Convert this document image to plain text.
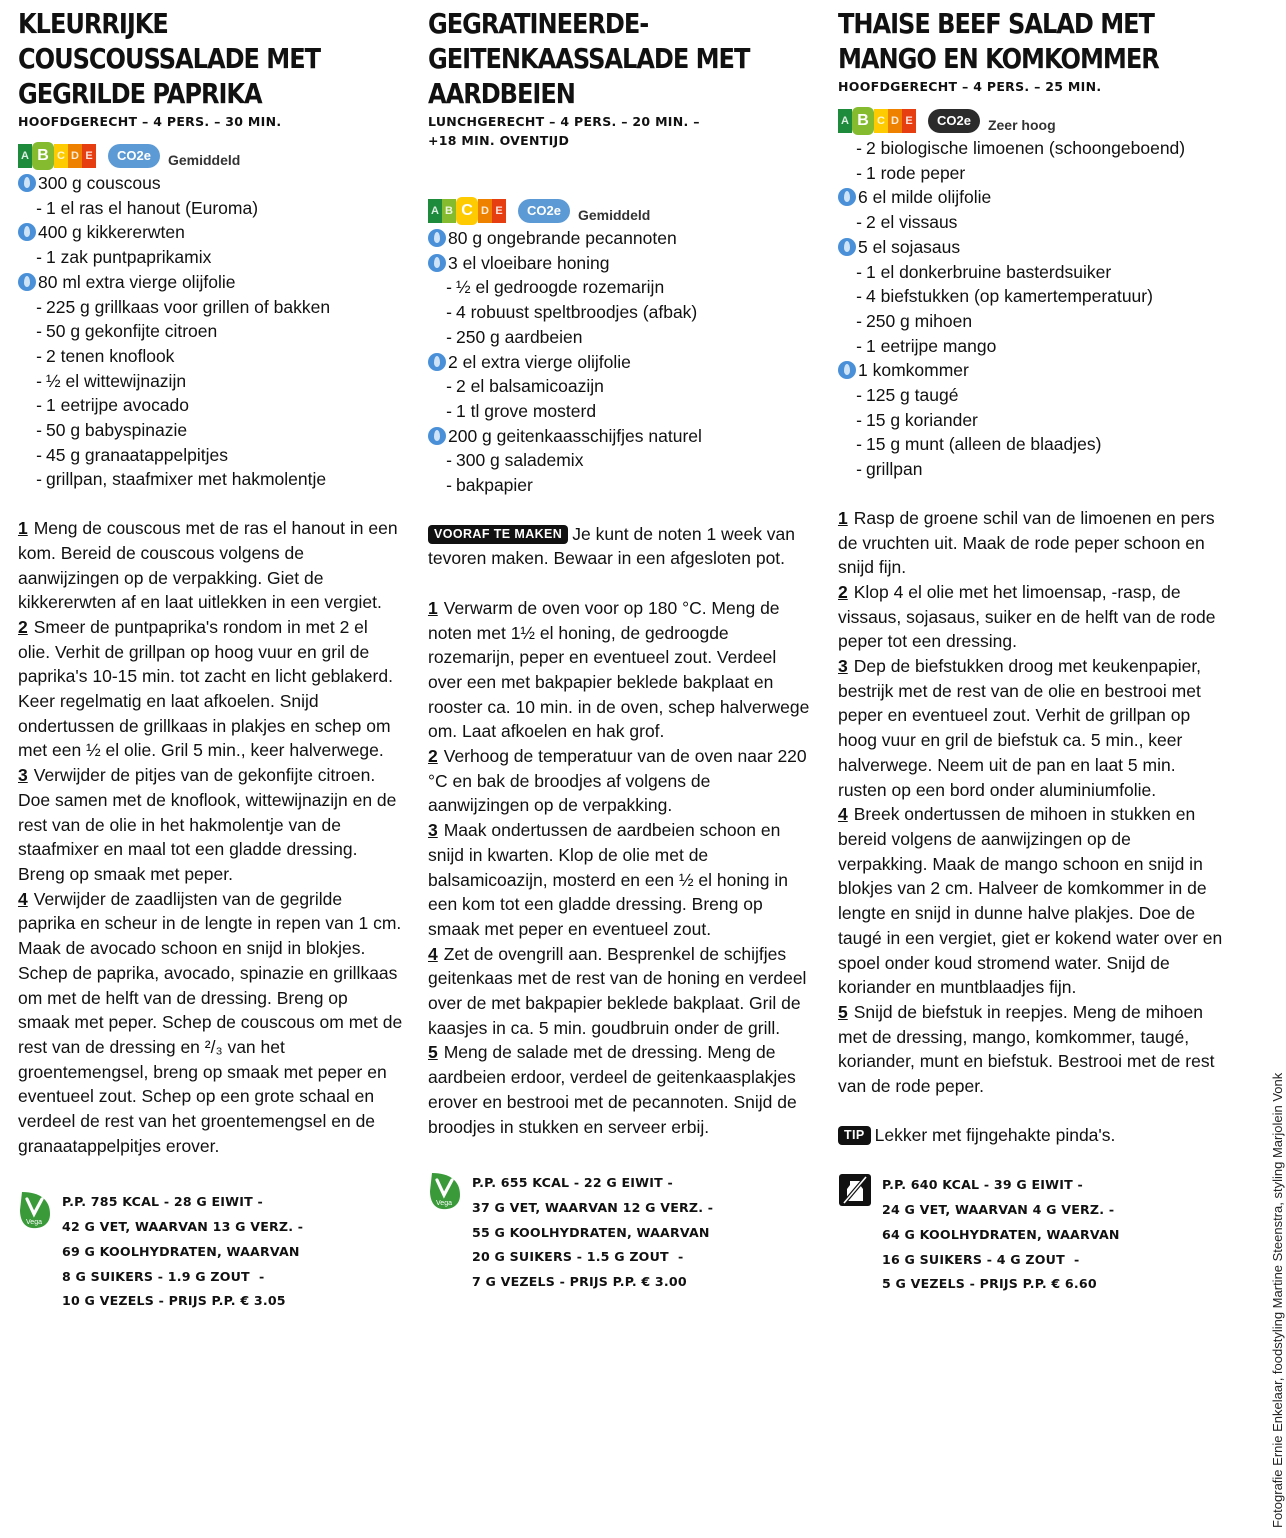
KLEURRIJKE COUSCOUSSALADE MET GEGRILDE PAPRIKA
HOOFDGERECHT – 4 PERS. – 30 MIN.
A B C D E	CO2e	Gemiddeld
300 g couscous
- 1 el ras el hanout (Euroma)
400 g kikkererwten
- 1 zak puntpaprikamix
80 ml extra vierge olijfolie
- 225 g grillkaas voor grillen of bakken
- 50 g gekonfijte citroen
- 2 tenen knoflook
- ½ el wittewijnazijn
- 1 eetrijpe avocado
- 50 g babyspinazie
- 45 g granaatappelpitjes
- grillpan, staafmixer met hakmolentje

1 Meng de couscous met de ras el hanout in een kom. Bereid de couscous volgens de aanwijzingen op de verpakking. Giet de kikkererwten af en laat uitlekken in een vergiet.

2 Smeer de puntpaprika's rondom in met 2 el olie. Verhit de grillpan op hoog vuur en gril de paprika's 10-15 min. tot zacht en licht geblakerd. Keer regelmatig en laat afkoelen. Snijd ondertussen de grillkaas in plakjes en schep om met een ½ el olie. Gril 5 min., keer halverwege.

3 Verwijder de pitjes van de gekonfijte citroen. Doe samen met de knoflook, wittewijnazijn en de rest van de olie in het hakmolentje van de staafmixer en maal tot een gladde dressing. Breng op smaak met peper.

4 Verwijder de zaadlijsten van de gegrilde paprika en scheur in de lengte in repen van 1 cm. Maak de avocado schoon en snijd in blokjes. Schep de paprika, avocado, spinazie en grillkaas om met de helft van de dressing. Breng op smaak met peper. Schep de couscous om met de rest van de dressing en ²/₃ van het groentemengsel, breng op smaak met peper en eventueel zout. Schep op een grote schaal en verdeel de rest van het groentemengsel en de granaatappelpitjes erover.

Vega
P.P. 785 KCAL - 28 G EIWIT -
42 G VET, WAARVAN 13 G VERZ. -
69 G KOOLHYDRATEN, WAARVAN
8 G SUIKERS - 1.9 G ZOUT  -
10 G VEZELS - PRIJS P.P. € 3.05
GEGRATINEERDE-GEITENKAASSALADE MET AARDBEIEN
LUNCHGERECHT – 4 PERS. – 20 MIN. –
+18 MIN. OVENTIJD
A B C D E	CO2e	Gemiddeld
80 g ongebrande pecannoten
3 el vloeibare honing
- ½ el gedroogde rozemarijn
- 4 robuust speltbroodjes (afbak)
- 250 g aardbeien
2 el extra vierge olijfolie
- 2 el balsamicoazijn
- 1 tl grove mosterd
200 g geitenkaasschijfjes naturel
- 300 g salademix
- bakpapier

VOORAF TE MAKEN Je kunt de noten 1 week van tevoren maken. Bewaar in een afgesloten pot.

1 Verwarm de oven voor op 180 °C. Meng de noten met 1½ el honing, de gedroogde rozemarijn, peper en eventueel zout. Verdeel over een met bakpapier beklede bakplaat en rooster ca. 10 min. in de oven, schep halverwege om. Laat afkoelen en hak grof.

2 Verhoog de temperatuur van de oven naar 220 °C en bak de broodjes af volgens de aanwijzingen op de verpakking.

3 Maak ondertussen de aardbeien schoon en snijd in kwarten. Klop de olie met de balsamicoazijn, mosterd en een ½ el honing in een kom tot een gladde dressing. Breng op smaak met peper en eventueel zout.

4 Zet de ovengrill aan. Besprenkel de schijfjes geitenkaas met de rest van de honing en verdeel over de met bakpapier beklede bakplaat. Gril de kaasjes in ca. 5 min. goudbruin onder de grill.

5 Meng de salade met de dressing. Meng de aardbeien erdoor, verdeel de geitenkaasplakjes erover en bestrooi met de pecannoten. Snijd de broodjes in stukken en serveer erbij.

Vega
P.P. 655 KCAL - 22 G EIWIT -
37 G VET, WAARVAN 12 G VERZ. -
55 G KOOLHYDRATEN, WAARVAN
20 G SUIKERS - 1.5 G ZOUT  -
7 G VEZELS - PRIJS P.P. € 3.00
THAISE BEEF SALAD MET MANGO EN KOMKOMMER
HOOFDGERECHT – 4 PERS. – 25 MIN.
A B C D E	CO2e	Zeer hoog
- 2 biologische limoenen (schoongeboend)
- 1 rode peper
6 el milde olijfolie
- 2 el vissaus
5 el sojasaus
- 1 el donkerbruine basterdsuiker
- 4 biefstukken (op kamertemperatuur)
- 250 g mihoen
- 1 eetrijpe mango
1 komkommer
- 125 g taugé
- 15 g koriander
- 15 g munt (alleen de blaadjes)
- grillpan

1 Rasp de groene schil van de limoenen en pers de vruchten uit. Maak de rode peper schoon en snijd fijn.

2 Klop 4 el olie met het limoensap, -rasp, de vissaus, sojasaus, suiker en de helft van de rode peper tot een dressing.

3 Dep de biefstukken droog met keukenpapier, bestrijk met de rest van de olie en bestrooi met peper en eventueel zout. Verhit de grillpan op hoog vuur en gril de biefstuk ca. 5 min., keer halverwege. Neem uit de pan en laat 5 min. rusten op een bord onder aluminiumfolie.

4 Breek ondertussen de mihoen in stukken en bereid volgens de aanwijzingen op de verpakking. Maak de mango schoon en snijd in blokjes van 2 cm. Halveer de komkommer in de lengte en snijd in dunne halve plakjes. Doe de taugé in een vergiet, giet er kokend water over en spoel onder koud stromend water. Snijd de koriander en muntblaadjes fijn.

5 Snijd de biefstuk in reepjes. Meng de mihoen met de dressing, mango, komkommer, taugé, koriander, munt en biefstuk. Bestrooi met de rest van de rode peper.

TIP Lekker met fijngehakte pinda's.
P.P. 640 KCAL - 39 G EIWIT -
24 G VET, WAARVAN 4 G VERZ. -
64 G KOOLHYDRATEN, WAARVAN
16 G SUIKERS - 4 G ZOUT  -
5 G VEZELS - PRIJS P.P. € 6.60	Fotografie Ernie Enkelaar, foodstyling Martine Steenstra, styling Marjolein Vonk
